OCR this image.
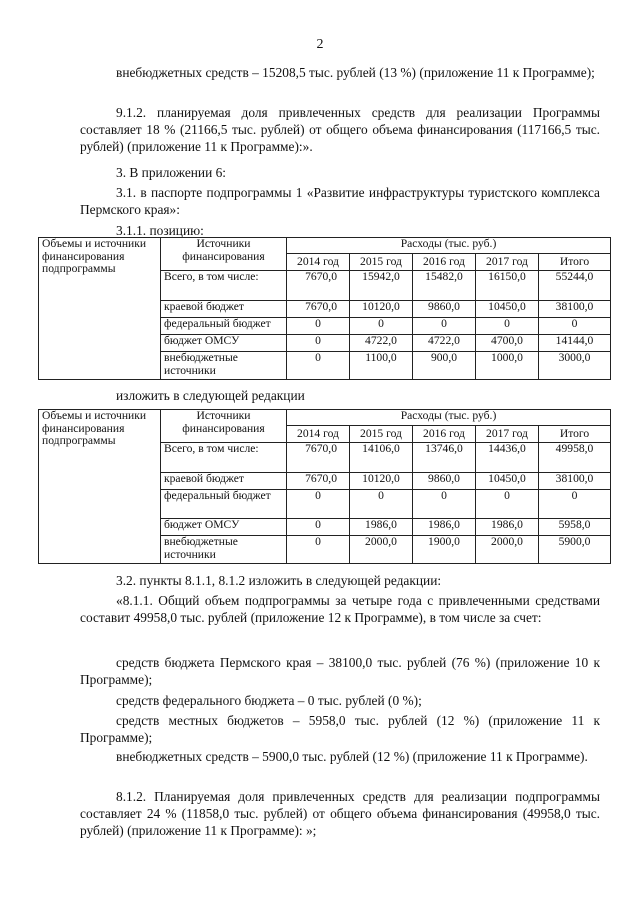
2

внебюджетных средств – 15208,5 тыс. рублей (13 %) (приложение 11 к Программе);

9.1.2. планируемая доля привлеченных средств для реализации Программы составляет 18 % (21166,5 тыс. рублей) от общего объема финансирования (117166,5 тыс. рублей) (приложение 11 к Программе):».

3. В приложении 6:

3.1. в паспорте подпрограммы 1 «Развитие инфраструктуры туристского комплекса Пермского края»:

3.1.1. позицию:

Объемы и источники финансирования подпрограммы	Источники финансирования	Расходы (тыс. руб.)				
		2014 год	2015 год	2016 год	2017 год	Итого
	Всего, в том числе:	7670,0	15942,0	15482,0	16150,0	55244,0
	краевой бюджет	7670,0	10120,0	9860,0	10450,0	38100,0
	федеральный бюджет	0	0	0	0	0
	бюджет ОМСУ	0	4722,0	4722,0	4700,0	14144,0
	внебюджетные источники	0	1100,0	900,0	1000,0	3000,0

изложить в следующей редакции

Объемы и источники финансирования подпрограммы	Источники финансирования	Расходы (тыс. руб.)				
		2014 год	2015 год	2016 год	2017 год	Итого
	Всего, в том числе:	7670,0	14106,0	13746,0	14436,0	49958,0
	краевой бюджет	7670,0	10120,0	9860,0	10450,0	38100,0
	федеральный бюджет	0	0	0	0	0
	бюджет ОМСУ	0	1986,0	1986,0	1986,0	5958,0
	внебюджетные источники	0	2000,0	1900,0	2000,0	5900,0

3.2. пункты 8.1.1, 8.1.2 изложить в следующей редакции:

«8.1.1. Общий объем подпрограммы за четыре года с привлеченными средствами составит 49958,0 тыс. рублей (приложение 12 к Программе), в том числе за счет:

средств бюджета Пермского края – 38100,0 тыс. рублей (76 %) (приложение 10 к Программе);

средств федерального бюджета – 0 тыс. рублей (0 %);

средств местных бюджетов – 5958,0 тыс. рублей (12 %) (приложение 11 к Программе);

внебюджетных средств – 5900,0 тыс. рублей (12 %) (приложение 11 к Программе).

8.1.2. Планируемая доля привлеченных средств для реализации подпрограммы составляет 24 % (11858,0 тыс. рублей) от общего объема финансирования (49958,0 тыс. рублей) (приложение 11 к Программе): »;
